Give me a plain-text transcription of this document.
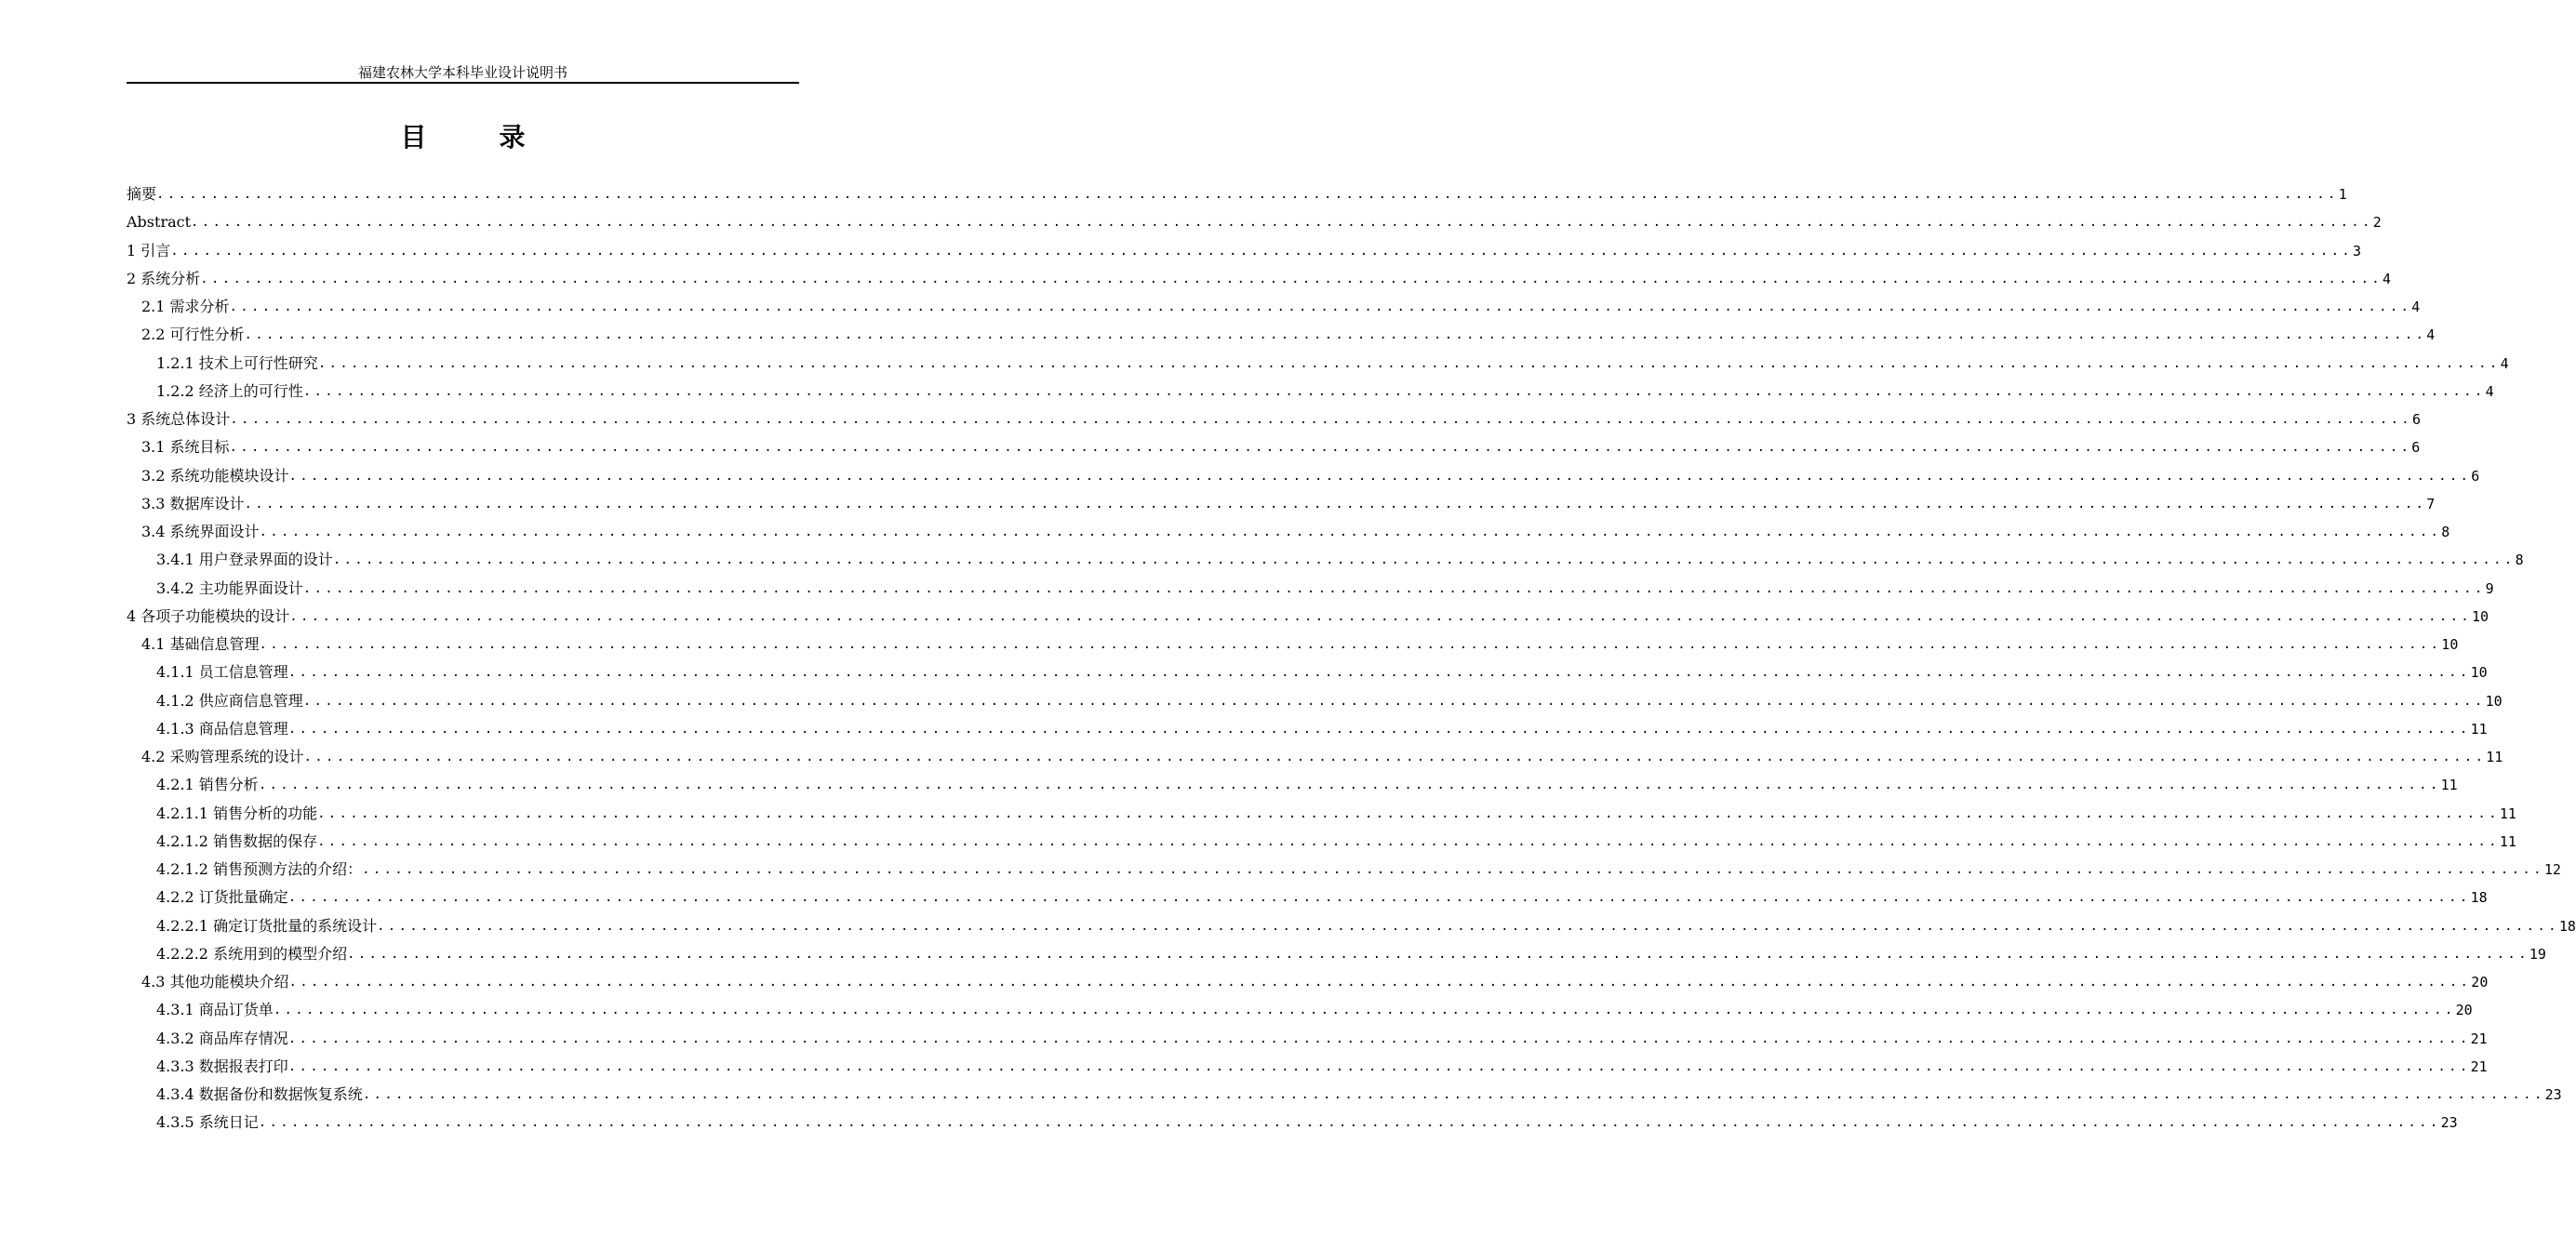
福建农林大学本科毕业设计说明书
目	录
摘要 ........................................................................................................................................................................................................ 1
Abstract ........................................................................................................................................................................................................ 2
1 引言 ........................................................................................................................................................................................................ 3
2 系统分析 ........................................................................................................................................................................................................ 4
2.1 需求分析 ........................................................................................................................................................................................................ 4
2.2 可行性分析 ........................................................................................................................................................................................................ 4
1.2.1 技术上可行性研究 ........................................................................................................................................................................................................ 4
1.2.2 经济上的可行性 ........................................................................................................................................................................................................ 4
3 系统总体设计 ........................................................................................................................................................................................................ 6
3.1 系统目标 ........................................................................................................................................................................................................ 6
3.2 系统功能模块设计 ........................................................................................................................................................................................................ 6
3.3 数据库设计 ........................................................................................................................................................................................................ 7
3.4 系统界面设计 ........................................................................................................................................................................................................ 8
3.4.1 用户登录界面的设计 ........................................................................................................................................................................................................ 8
3.4.2 主功能界面设计 ........................................................................................................................................................................................................ 9
4 各项子功能模块的设计 ........................................................................................................................................................................................................ 10
4.1 基础信息管理 ........................................................................................................................................................................................................ 10
4.1.1 员工信息管理 ........................................................................................................................................................................................................ 10
4.1.2 供应商信息管理 ........................................................................................................................................................................................................ 10
4.1.3 商品信息管理 ........................................................................................................................................................................................................ 11
4.2 采购管理系统的设计 ........................................................................................................................................................................................................ 11
4.2.1 销售分析 ........................................................................................................................................................................................................ 11
4.2.1.1 销售分析的功能 ........................................................................................................................................................................................................ 11
4.2.1.2 销售数据的保存 ........................................................................................................................................................................................................ 11
4.2.1.2 销售预测方法的介绍： ........................................................................................................................................................................................................ 12
4.2.2 订货批量确定 ........................................................................................................................................................................................................ 18
4.2.2.1 确定订货批量的系统设计 ........................................................................................................................................................................................................ 18
4.2.2.2 系统用到的模型介绍 ........................................................................................................................................................................................................ 19
4.3 其他功能模块介绍 ........................................................................................................................................................................................................ 20
4.3.1 商品订货单 ........................................................................................................................................................................................................ 20
4.3.2 商品库存情况 ........................................................................................................................................................................................................ 21
4.3.3 数据报表打印 ........................................................................................................................................................................................................ 21
4.3.4 数据备份和数据恢复系统 ........................................................................................................................................................................................................ 23
4.3.5 系统日记 ........................................................................................................................................................................................................ 23
